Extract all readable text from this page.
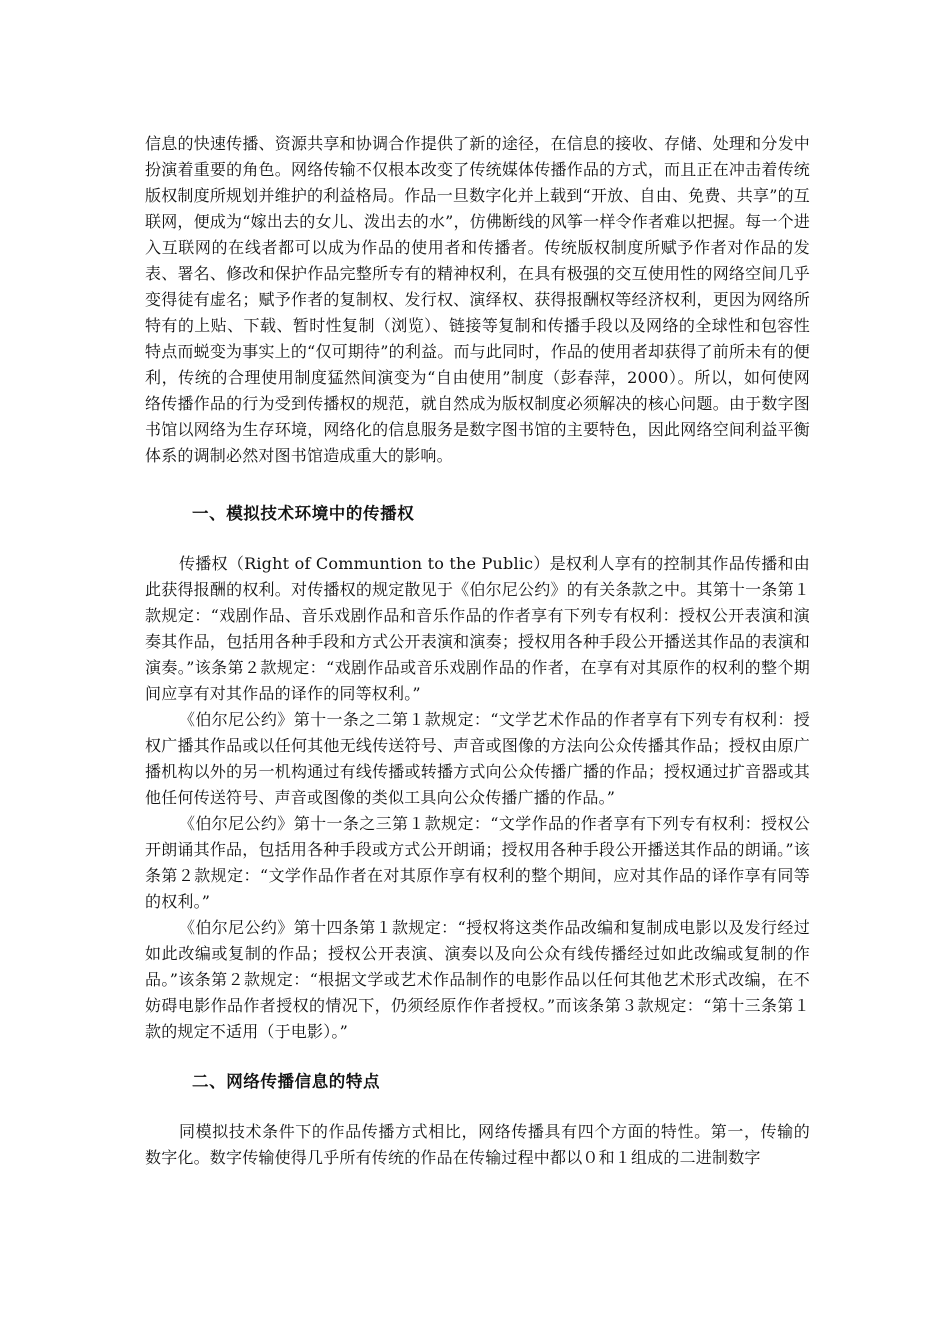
信息的快速传播、资源共享和协调合作提供了新的途径，在信息的接收、存储、处理和分发中扮演着重要的角色。网络传输不仅根本改变了传统媒体传播作品的方式，而且正在冲击着传统版权制度所规划并维护的利益格局。作品一旦数字化并上载到“开放、自由、免费、共享”的互联网，便成为“嫁出去的女儿、泼出去的水”，仿佛断线的风筝一样令作者难以把握。每一个进入互联网的在线者都可以成为作品的使用者和传播者。传统版权制度所赋予作者对作品的发表、署名、修改和保护作品完整所专有的精神权利，在具有极强的交互使用性的网络空间几乎变得徒有虚名；赋予作者的复制权、发行权、演绎权、获得报酬权等经济权利，更因为网络所特有的上贴、下载、暂时性复制（浏览）、链接等复制和传播手段以及网络的全球性和包容性特点而蜕变为事实上的“仅可期待”的利益。而与此同时，作品的使用者却获得了前所未有的便利，传统的合理使用制度猛然间演变为“自由使用”制度（彭春萍，2000）。所以，如何使网络传播作品的行为受到传播权的规范，就自然成为版权制度必须解决的核心问题。由于数字图书馆以网络为生存环境，网络化的信息服务是数字图书馆的主要特色，因此网络空间利益平衡体系的调制必然对图书馆造成重大的影响。

一、模拟技术环境中的传播权

传播权（Right of Communtion to the Public）是权利人享有的控制其作品传播和由此获得报酬的权利。对传播权的规定散见于《伯尔尼公约》的有关条款之中。其第十一条第１款规定：“戏剧作品、音乐戏剧作品和音乐作品的作者享有下列专有权利：授权公开表演和演奏其作品，包括用各种手段和方式公开表演和演奏；授权用各种手段公开播送其作品的表演和演奏。”该条第２款规定：“戏剧作品或音乐戏剧作品的作者，在享有对其原作的权利的整个期间应享有对其作品的译作的同等权利。”

《伯尔尼公约》第十一条之二第１款规定：“文学艺术作品的作者享有下列专有权利：授权广播其作品或以任何其他无线传送符号、声音或图像的方法向公众传播其作品；授权由原广播机构以外的另一机构通过有线传播或转播方式向公众传播广播的作品；授权通过扩音器或其他任何传送符号、声音或图像的类似工具向公众传播广播的作品。”

《伯尔尼公约》第十一条之三第１款规定：“文学作品的作者享有下列专有权利：授权公开朗诵其作品，包括用各种手段或方式公开朗诵；授权用各种手段公开播送其作品的朗诵。”该条第２款规定：“文学作品作者在对其原作享有权利的整个期间，应对其作品的译作享有同等的权利。”

《伯尔尼公约》第十四条第１款规定：“授权将这类作品改编和复制成电影以及发行经过如此改编或复制的作品；授权公开表演、演奏以及向公众有线传播经过如此改编或复制的作品。”该条第２款规定：“根据文学或艺术作品制作的电影作品以任何其他艺术形式改编，在不妨碍电影作品作者授权的情况下，仍须经原作作者授权。”而该条第３款规定：“第十三条第１款的规定不适用（于电影）。”

二、网络传播信息的特点

同模拟技术条件下的作品传播方式相比，网络传播具有四个方面的特性。第一，传输的数字化。数字传输使得几乎所有传统的作品在传输过程中都以０和１组成的二进制数字
